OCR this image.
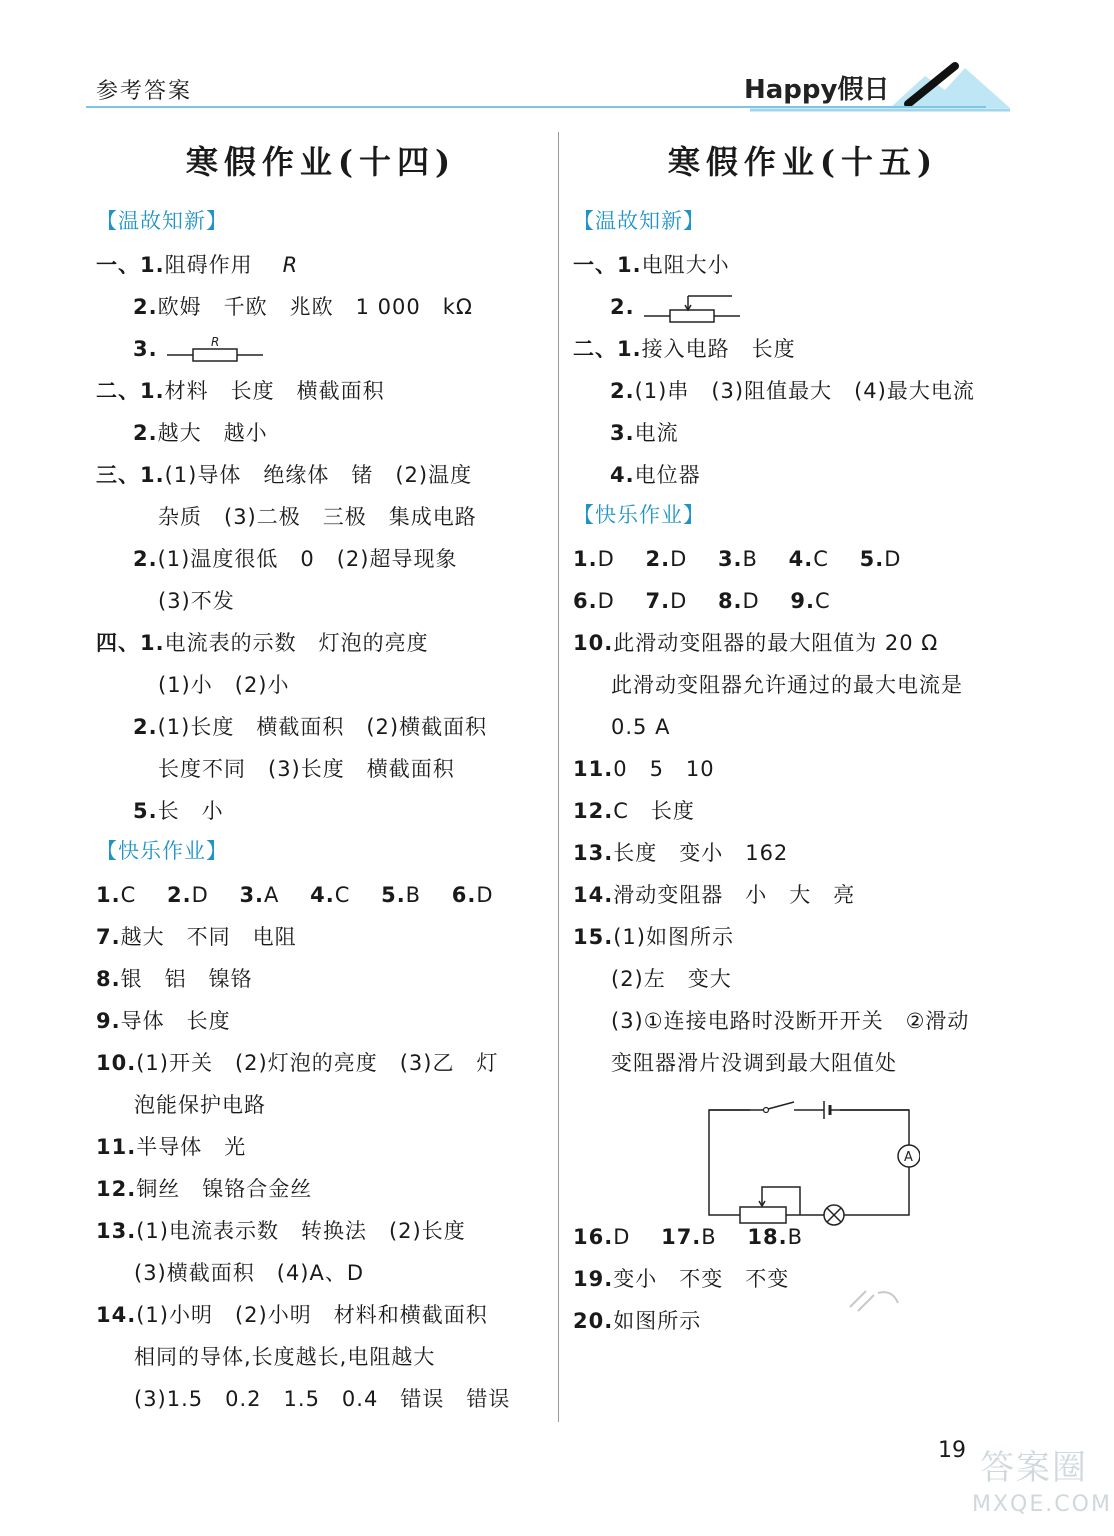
参考答案	Happy假日
寒假作业(十四)
【温故知新】
一、1.阻碍作用 R
2.欧姆　千欧　兆欧　1 000　kΩ
3.	R
二、1.材料　长度　横截面积
2.越大　越小
三、1.(1)导体　绝缘体　锗　(2)温度
杂质　(3)二极　三极　集成电路
2.(1)温度很低　0　(2)超导现象
(3)不发
四、1.电流表的示数　灯泡的亮度
(1)小　(2)小
2.(1)长度　横截面积　(2)横截面积
长度不同　(3)长度　横截面积
5.长　小
【快乐作业】
1.C 2.D 3.A 4.C 5.B 6.D
7.越大　不同　电阻
8.银　铝　镍铬
9.导体　长度
10.(1)开关　(2)灯泡的亮度　(3)乙　灯
泡能保护电路
11.半导体　光
12.铜丝　镍铬合金丝
13.(1)电流表示数　转换法　(2)长度
(3)横截面积　(4)A、D
14.(1)小明　(2)小明　材料和横截面积
相同的导体,长度越长,电阻越大
(3)1.5　0.2　1.5　0.4　错误　错误
寒假作业(十五)
【温故知新】
一、1.电阻大小
2.
二、1.接入电路　长度
2.(1)串　(3)阻值最大　(4)最大电流
3.电流
4.电位器
【快乐作业】
1.D 2.D 3.B 4.C 5.D
6.D 7.D 8.D 9.C
10.此滑动变阻器的最大阻值为 20 Ω
此滑动变阻器允许通过的最大电流是
0.5 A
11.0　5　10
12.C　长度
13.长度　变小　162
14.滑动变阻器　小　大　亮
15.(1)如图所示
(2)左　变大
(3)①连接电路时没断开开关　②滑动
变阻器滑片没调到最大阻值处
16.D 17.B 18.B
19.变小　不变　不变
20.如图所示
A
19 答案圈
MXQE.COM
